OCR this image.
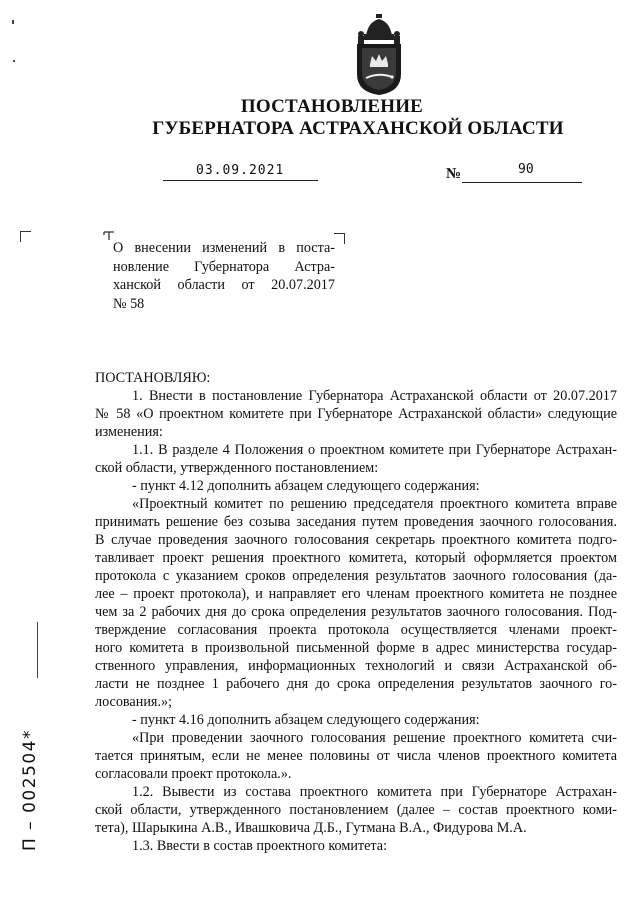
ПОСТАНОВЛЕНИЕ
ГУБЕРНАТОРА АСТРАХАНСКОЙ ОБЛАСТИ
03.09.2021	№	90
О внесении изменений в поста-
новление Губернатора Астра-
ханской области от 20.07.2017
№ 58

ПОСТАНОВЛЯЮ:

1. Внести в постановление Губернатора Астраханской области от 20.07.2017
№ 58 «О проектном комитете при Губернаторе Астраханской области» следующие
изменения:

1.1. В разделе 4 Положения о проектном комитете при Губернаторе Астрахан-
ской области, утвержденного постановлением:

- пункт 4.12 дополнить абзацем следующего содержания:

«Проектный комитет по решению председателя проектного комитета вправе
принимать решение без созыва заседания путем проведения заочного голосования.
В случае проведения заочного голосования секретарь проектного комитета подго-
тавливает проект решения проектного комитета, который оформляется проектом
протокола с указанием сроков определения результатов заочного голосования (да-
лее – проект протокола), и направляет его членам проектного комитета не позднее
чем за 2 рабочих дня до срока определения результатов заочного голосования. Под-
тверждение согласования проекта протокола осуществляется членами проект-
ного комитета в произвольной письменной форме в адрес министерства государ-
ственного управления, информационных технологий и связи Астраханской об-
ласти не позднее 1 рабочего дня до срока определения результатов заочного го-
лосования.»;

- пункт 4.16 дополнить абзацем следующего содержания:

«При проведении заочного голосования решение проектного комитета счи-
тается принятым, если не менее половины от числа членов проектного комитета
согласовали проект протокола.».

1.2. Вывести из состава проектного комитета при Губернаторе Астрахан-
ской области, утвержденного постановлением (далее – состав проектного коми-
тета), Шарыкина А.В., Ивашковича Д.Б., Гутмана В.А., Фидурова М.А.

1.3. Ввести в состав проектного комитета:

П – 002504*
